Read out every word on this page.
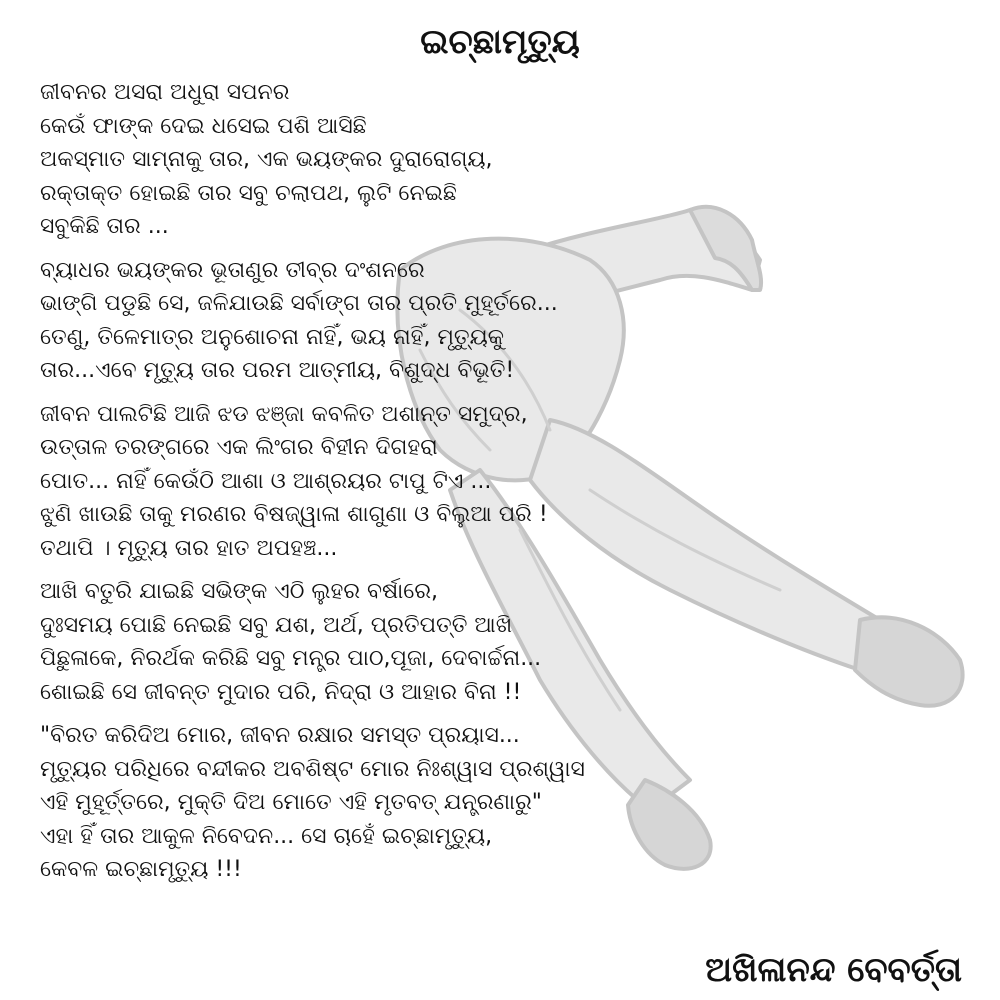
ଇଚ୍ଛାମୃତ୍ୟୁ
ଜୀବନର ଅସରା ଅଧୁରା ସପନର
କେଉଁ ଫାଙ୍କ ଦେଇ ଧସେଇ ପଶି ଆସିଛି
ଅକସ୍ମାତ ସାମ୍ନାକୁ ତାର, ଏକ ଭୟଙ୍କର ଦୁରାରୋଗ୍ୟ,
ରକ୍ତାକ୍ତ ହୋଇଛି ତାର ସବୁ ଚଲାପଥ, ଲୁଟି ନେଇଛି
ସବୁକିଛି ତାର ...
ବ୍ୟାଧର ଭୟଙ୍କର ଭୂତାଣୁର ତୀବ୍ର ଦଂଶନରେ
ଭାଙ୍ଗି ପଡୁଛି ସେ, ଜଳିଯାଉଛି ସର୍ବାଙ୍ଗ ତାର ପ୍ରତି ମୁହୂର୍ତରେ...
ତେଣୁ, ତିଳେମାତ୍ର ଅନୁଶୋଚନା ନାହିଁ, ଭୟ ନାହିଁ, ମୃତ୍ୟୁକୁ
ତାର...ଏବେ ମୃତ୍ୟୁ ତାର ପରମ ଆତ୍ମୀୟ, ବିଶୁଦ୍ଧ ବିଭୂତି!
ଜୀବନ ପାଲଟିଛି ଆଜି ଝଡ ଝଞ୍ଜା କବଳିତ ଅଶାନ୍ତ ସମୁଦ୍ର,
ଉତ୍ତାଳ ତରଙ୍ଗରେ ଏକ ଲିଂଗର ବିହୀନ ଦିଗହରା
ପୋତ... ନାହିଁ କେଉଁଠି ଆଶା ଓ ଆଶ୍ରୟର ଟାପୁ ଟିଏ ...
ଝୁଣି ଖାଉଛି ତାକୁ ମରଣର ବିଷଜ୍ୱାଳା ଶାଗୁଣା ଓ ବିଲୁଆ ପରି !
ତଥାପି । ମୃତ୍ୟୁ ତାର ହାତ ଅପହଞ୍ଚ...
ଆଖି ବତୁରି ଯାଇଛି ସଭିଙ୍କ ଏଠି ଲୁହର ବର୍ଷାରେ,
ଦୁଃସମୟ ପୋଛି ନେଇଛି ସବୁ ଯଶ, ଅର୍ଥ, ପ୍ରତିପତ୍ତି ଆଖି
ପିଛୁଳାକେ, ନିରର୍ଥକ କରିଛି ସବୁ ମନ୍ତ୍ର ପାଠ,ପୂଜା, ଦେବାର୍ଚ୍ଚନା...
ଶୋଇଛି ସେ ଜୀବନ୍ତ ମୁଦାର ପରି, ନିଦ୍ରା ଓ ଆହାର ବିନା !!
"ବିରତ କରିଦିଅ ମୋର, ଜୀବନ ରକ୍ଷାର ସମସ୍ତ ପ୍ରୟାସ...
ମୃତ୍ୟୁର ପରିଧିରେ ବନ୍ଦୀକର ଅବଶିଷ୍ଟ ମୋର ନିଃଶ୍ୱାସ ପ୍ରଶ୍ୱାସ
ଏହି ମୁହୂର୍ତ୍ତରେ, ମୁକ୍ତି ଦିଅ ମୋତେ ଏହି ମୃତବତ୍ ଯନ୍ତ୍ରଣାରୁ"
ଏହା ହିଁ ତାର ଆକୁଳ ନିବେଦନ... ସେ ଚାହେଁ ଇଚ୍ଛାମୃତ୍ୟୁ,
କେବଳ ଇଚ୍ଛାମୃତ୍ୟୁ !!!
ଅଖିଳାନନ୍ଦ ବେବର୍ତ୍ତା
